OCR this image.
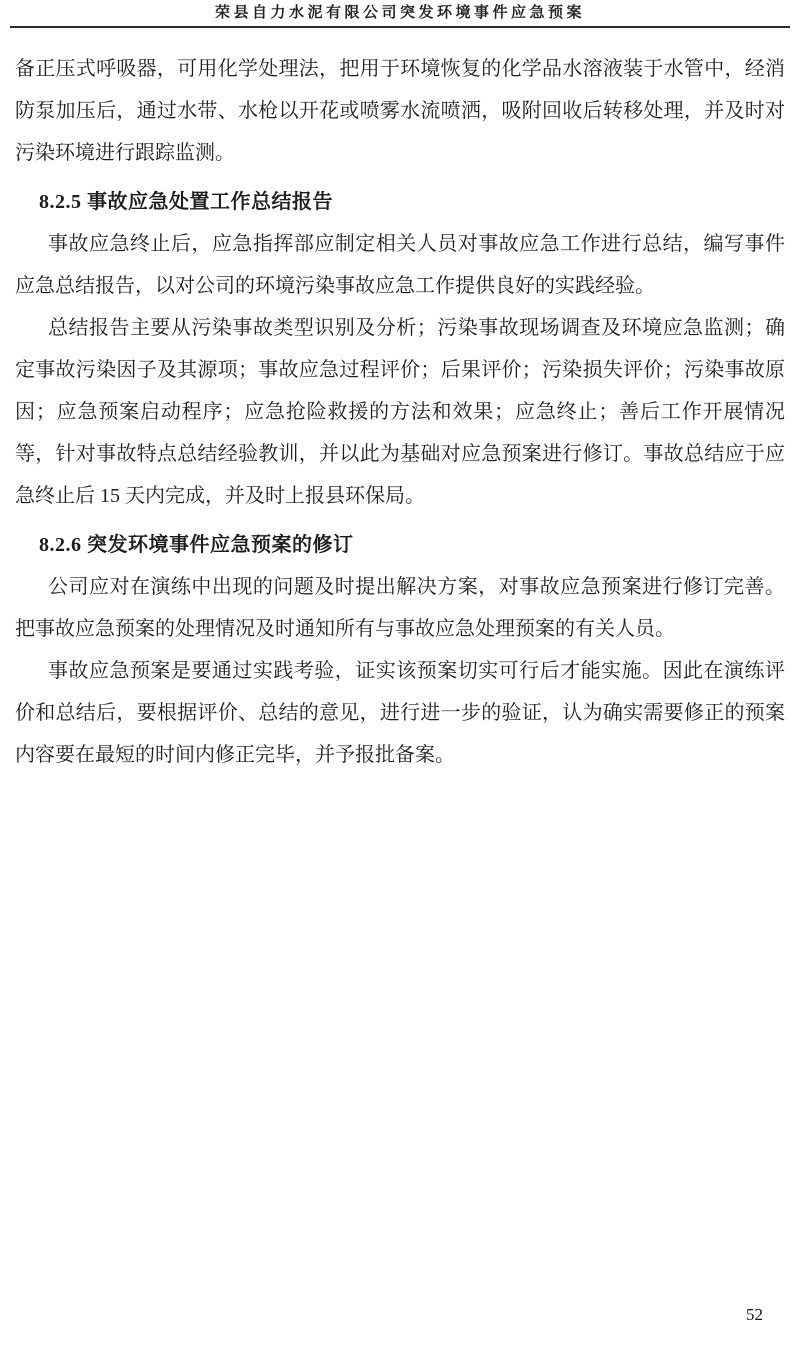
荣县自力水泥有限公司突发环境事件应急预案

备正压式呼吸器，可用化学处理法，把用于环境恢复的化学品水溶液装于水管中，经消防泵加压后，通过水带、水枪以开花或喷雾水流喷洒，吸附回收后转移处理，并及时对污染环境进行跟踪监测。

8.2.5 事故应急处置工作总结报告

事故应急终止后，应急指挥部应制定相关人员对事故应急工作进行总结，编写事件应急总结报告，以对公司的环境污染事故应急工作提供良好的实践经验。

总结报告主要从污染事故类型识别及分析；污染事故现场调查及环境应急监测；确定事故污染因子及其源项；事故应急过程评价；后果评价；污染损失评价；污染事故原因；应急预案启动程序；应急抢险救援的方法和效果；应急终止；善后工作开展情况等，针对事故特点总结经验教训，并以此为基础对应急预案进行修订。事故总结应于应急终止后 15 天内完成，并及时上报县环保局。

8.2.6 突发环境事件应急预案的修订

公司应对在演练中出现的问题及时提出解决方案，对事故应急预案进行修订完善。把事故应急预案的处理情况及时通知所有与事故应急处理预案的有关人员。

事故应急预案是要通过实践考验，证实该预案切实可行后才能实施。因此在演练评价和总结后，要根据评价、总结的意见，进行进一步的验证，认为确实需要修正的预案内容要在最短的时间内修正完毕，并予报批备案。

52
